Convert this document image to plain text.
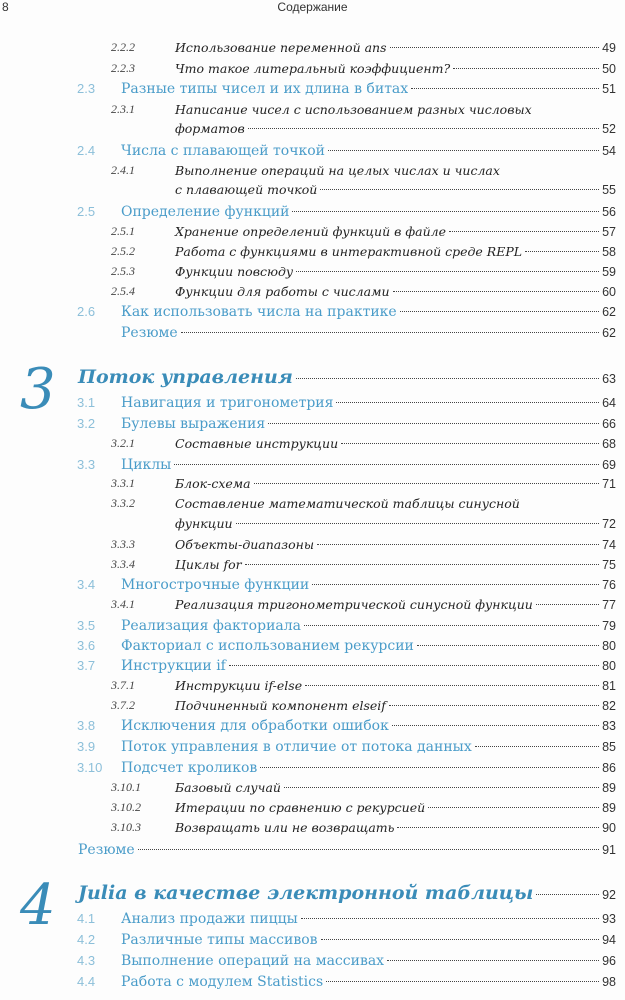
8	Содержание
2.2.2	Использование переменной ans	49
2.2.3	Что такое литеральный коэффициент?	50
2.3 Разные типы чисел и их длина в битах	51
2.3.1	Написание чисел с использованием разных числовых
форматов	52
2.4 Числа с плавающей точкой	54
2.4.1	Выполнение операций на целых числах и числах
с плавающей точкой	55
2.5 Определение функций	56
2.5.1	Хранение определений функций в файле	57
2.5.2	Работа с функциями в интерактивной среде REPL	58
2.5.3	Функции повсюду	59
2.5.4	Функции для работы с числами	60
2.6 Как использовать числа на практике	62
Резюме	62
3 Поток управления	63
3.1 Навигация и тригонометрия	64
3.2 Булевы выражения	66
3.2.1	Составные инструкции	68
3.3 Циклы	69
3.3.1	Блок-схема	71
3.3.2	Составление математической таблицы синусной
функции	72
3.3.3	Объекты-диапазоны	74
3.3.4	Циклы for	75
3.4 Многострочные функции	76
3.4.1	Реализация тригонометрической синусной функции	77
3.5 Реализация факториала	79
3.6 Факториал с использованием рекурсии	80
3.7 Инструкции if	80
3.7.1	Инструкции if-else	81
3.7.2	Подчиненный компонент elseif	82
3.8 Исключения для обработки ошибок	83
3.9 Поток управления в отличие от потока данных	85
3.10 Подсчет кроликов	86
3.10.1	Базовый случай	89
3.10.2	Итерации по сравнению с рекурсией	89
3.10.3	Возвращать или не возвращать	90
Резюме	91
4 Julia в качестве электронной таблицы	92
4.1 Анализ продажи пиццы	93
4.2 Различные типы массивов	94
4.3 Выполнение операций на массивах	96
4.4 Работа с модулем Statistics	98
